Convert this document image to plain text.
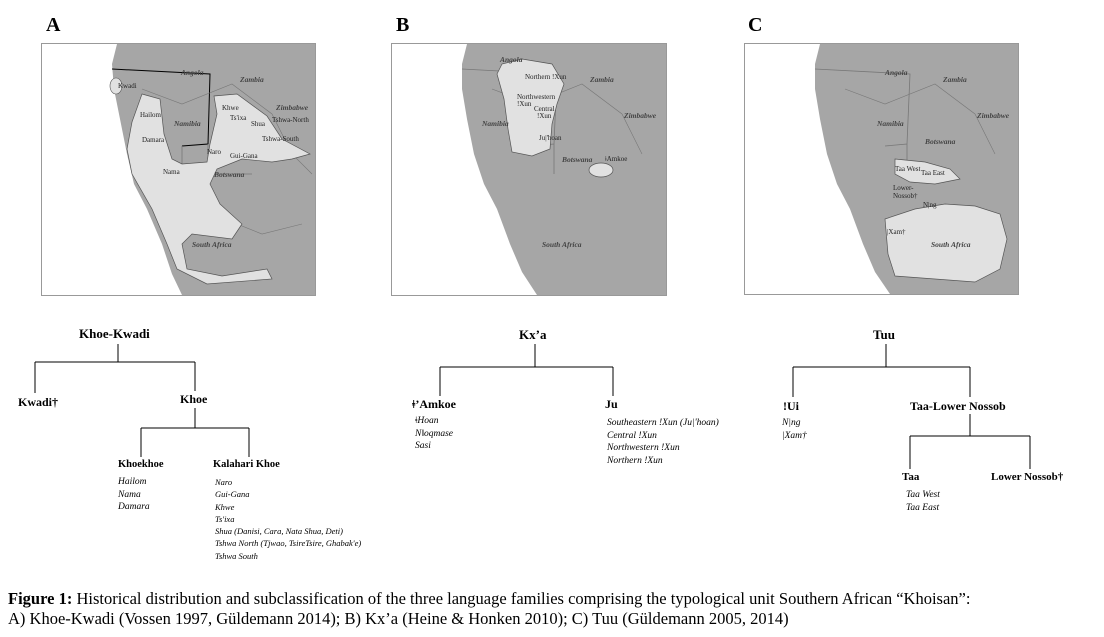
A	B	C
Angola
Zambia
Zimbabwe
Namibia
Botswana
South Africa
Kwadi
Hailom
Damara
Nama
Khwe
Ts'ixa
Shua Tshwa-North
Tshwa-South
Naro Gui-Gana
Angola
Zambia
Zimbabwe
Namibia
Botswana
South Africa
Northern !Xun
Northwestern
!Xun
Central
!Xun
Ju|'hoan
ǂAmkoe
Angola
Zambia
Zimbabwe
Namibia
Botswana
South Africa
Taa West Taa East
Lower-
Nossob†
N|ng
|Xam†
Khoe-Kwadi
Kwadi†	Khoe
Khoekhoe	Kalahari Khoe
Hailom
Nama
Damara
Naro
Gui-Gana
Khwe
Ts'ixa
Shua (Danisi, Cara, Nata Shua, Deti)
Tshwa North (Tjwao, TsireTsire, Ghabak'e)
Tshwa South
Kx’a
ǂ’Amkoe	Ju
ǂHoan
Nǁoqmase
Sasi
Southeastern !Xun (Ju|'hoan)
Central !Xun
Northwestern !Xun
Northern !Xun
Tuu
!Ui	Taa-Lower Nossob
N|ng
|Xam†
Taa	Lower Nossob†
Taa West
Taa East
Figure 1: Historical distribution and subclassification of the three language families comprising the typological unit Southern African “Khoisan”:
A) Khoe-Kwadi (Vossen 1997, Güldemann 2014); B) Kx’a (Heine & Honken 2010); C) Tuu (Güldemann 2005, 2014)
